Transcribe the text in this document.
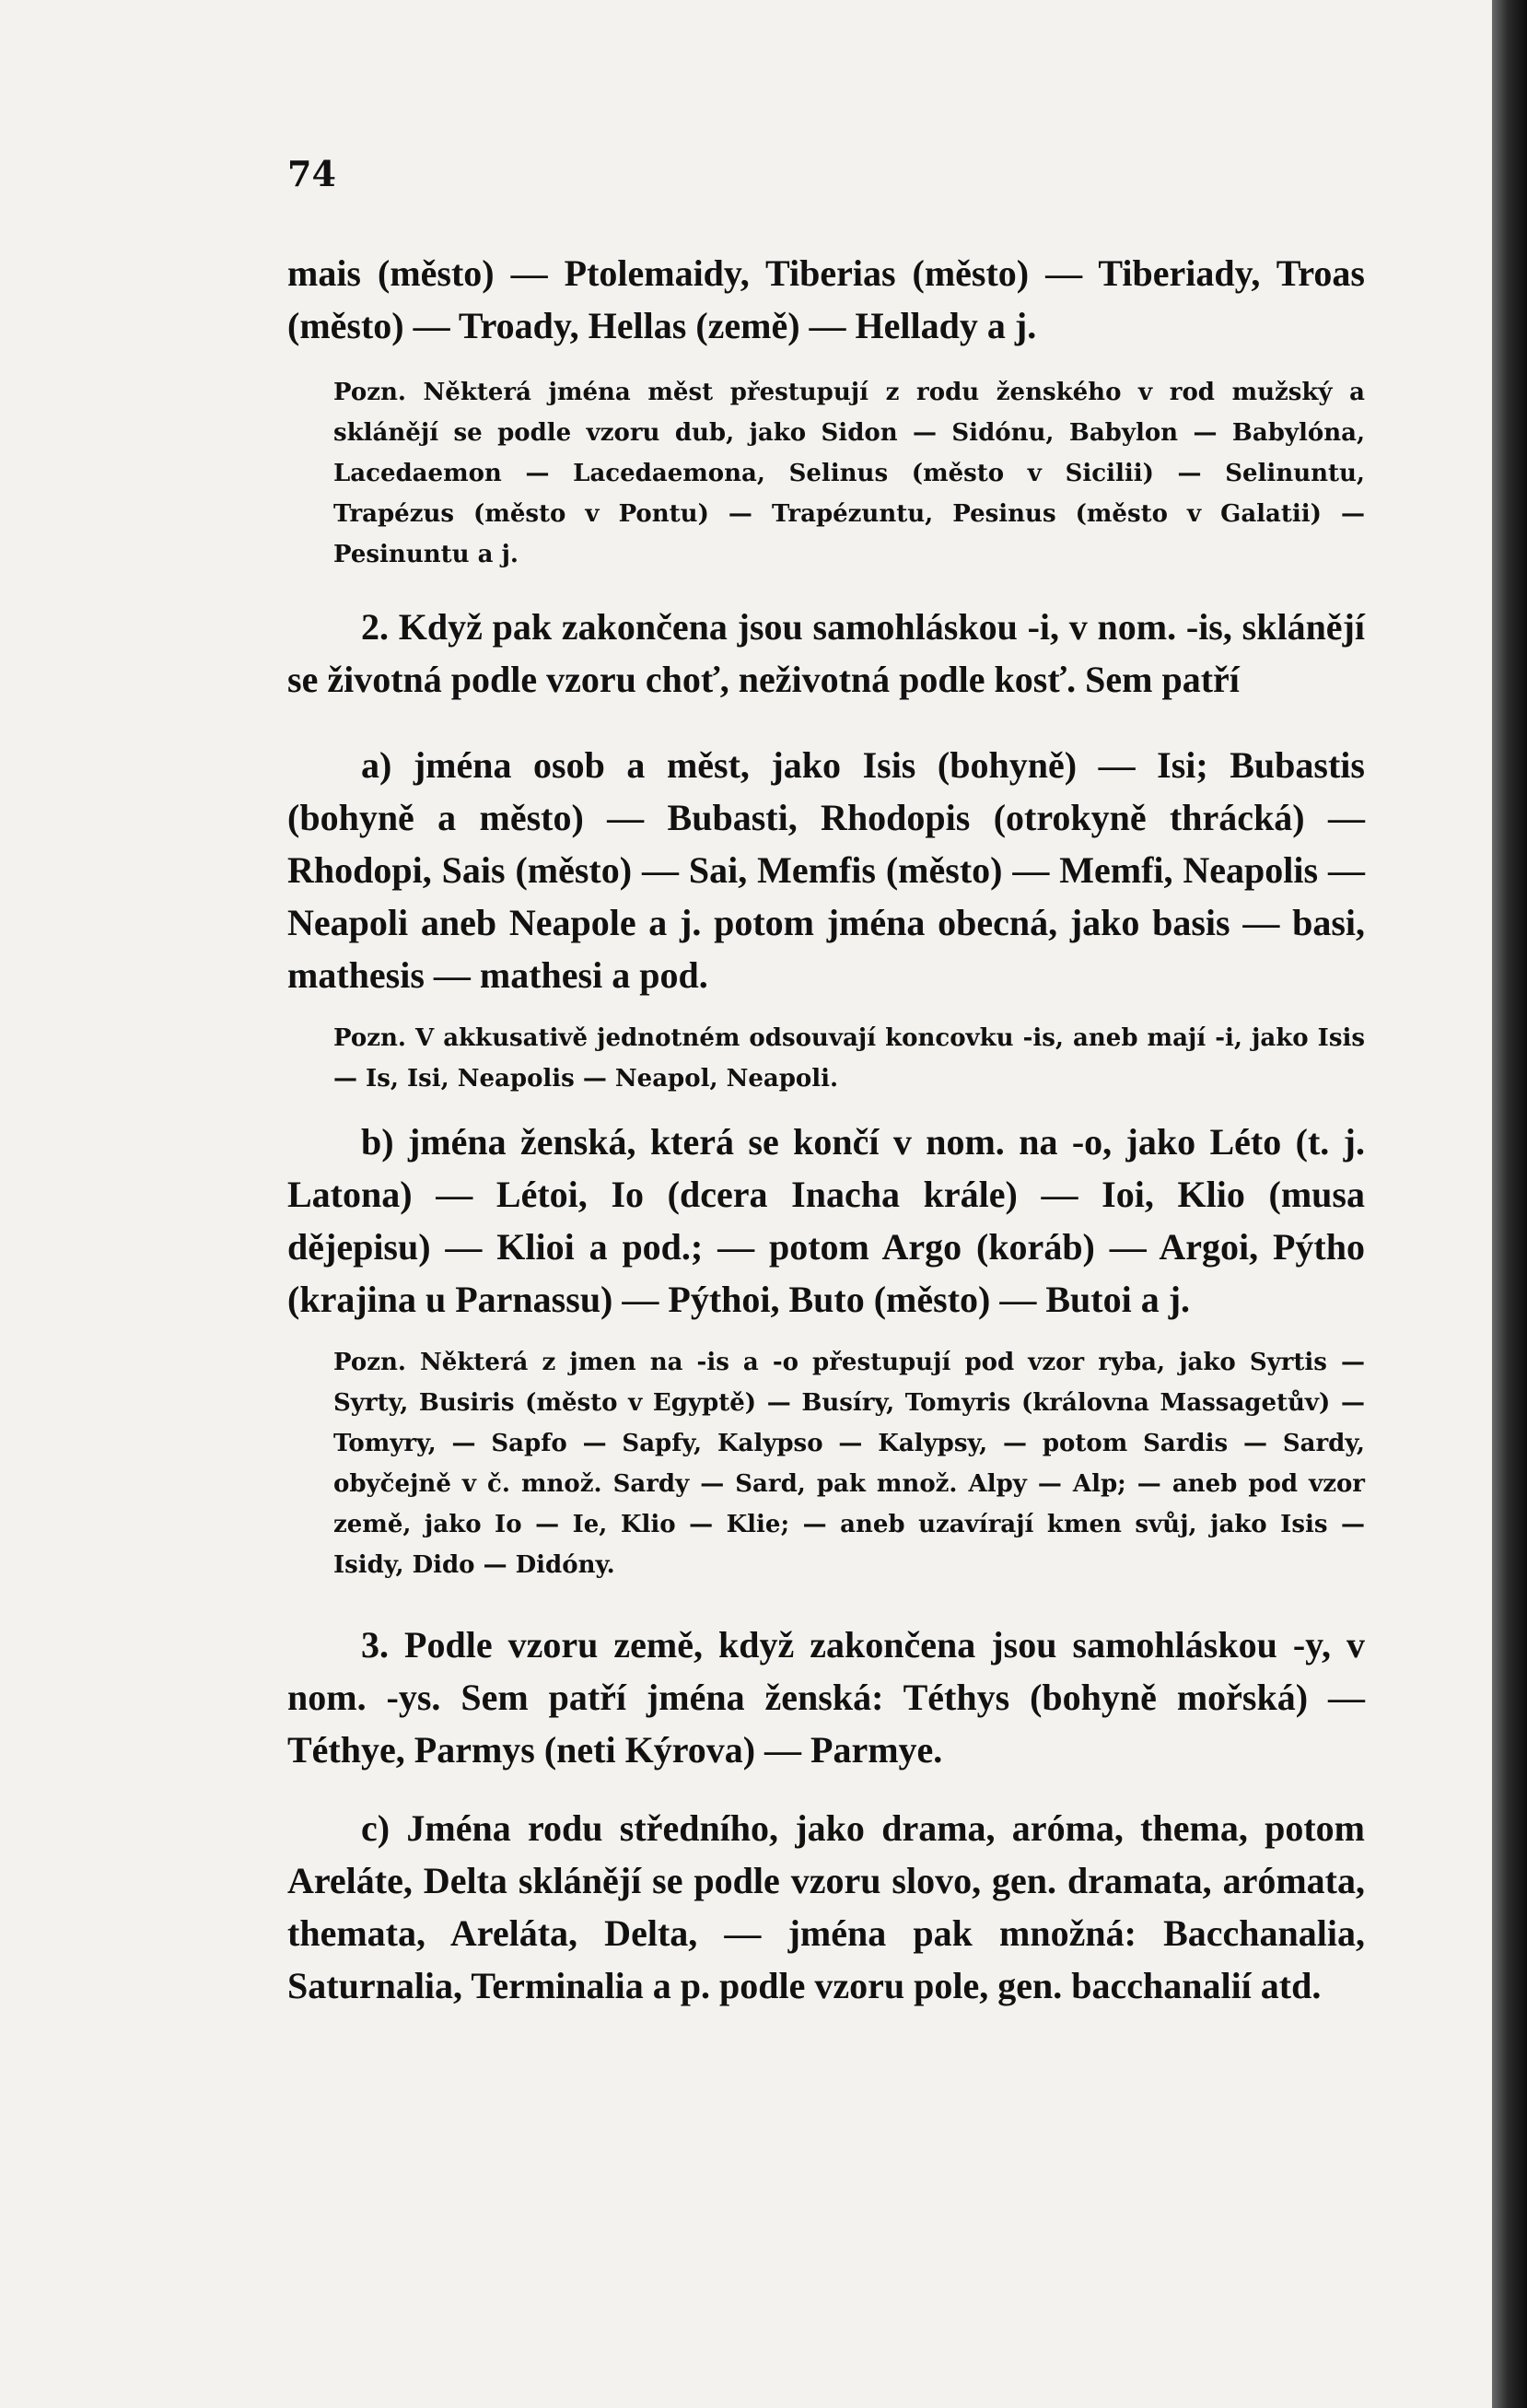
74

mais (město) — Ptolemaidy, Tiberias (město) — Tiberiady, Troas (město) — Troady, Hellas (země) — Hellady a j.

Pozn. Některá jména měst přestupují z rodu ženského v rod mužský a sklánějí se podle vzoru dub, jako Sidon — Sidónu, Babylon — Babylóna, Lacedaemon — Lacedaemona, Selinus (město v Sicilii) — Selinuntu, Trapézus (město v Pontu) — Trapézuntu, Pesinus (město v Galatii) — Pesinuntu a j.

2. Když pak zakončena jsou samohláskou -i, v nom. -is, sklánějí se životná podle vzoru choť, neživotná podle kosť. Sem patří

a) jména osob a měst, jako Isis (bohyně) — Isi; Bubastis (bohyně a město) — Bubasti, Rhodopis (otrokyně thrácká) — Rhodopi, Sais (město) — Sai, Memfis (město) — Memfi, Neapolis — Neapoli aneb Neapole a j. potom jména obecná, jako basis — basi, mathesis — mathesi a pod.

Pozn. V akkusativě jednotném odsouvají koncovku -is, aneb mají -i, jako Isis — Is, Isi, Neapolis — Neapol, Neapoli.

b) jména ženská, která se končí v nom. na -o, jako Léto (t. j. Latona) — Létoi, Io (dcera Inacha krále) — Ioi, Klio (musa dějepisu) — Klioi a pod.; — potom Argo (koráb) — Argoi, Pýtho (krajina u Parnassu) — Pýthoi, Buto (město) — Butoi a j.

Pozn. Některá z jmen na -is a -o přestupují pod vzor ryba, jako Syrtis — Syrty, Busiris (město v Egyptě) — Busíry, Tomyris (královna Massagetův) — Tomyry, — Sapfo — Sapfy, Kalypso — Kalypsy, — potom Sardis — Sardy, obyčejně v č. množ. Sardy — Sard, pak množ. Alpy — Alp; — aneb pod vzor země, jako Io — Ie, Klio — Klie; — aneb uzavírají kmen svůj, jako Isis — Isidy, Dido — Didóny.

3. Podle vzoru země, když zakončena jsou samohláskou -y, v nom. -ys. Sem patří jména ženská: Téthys (bohyně mořská) — Téthye, Parmys (neti Kýrova) — Parmye.

c) Jména rodu středního, jako drama, aróma, thema, potom Areláte, Delta sklánějí se podle vzoru slovo, gen. dramata, arómata, themata, Areláta, Delta, — jména pak množná: Bacchanalia, Saturnalia, Terminalia a p. podle vzoru pole, gen. bacchanalií atd.
